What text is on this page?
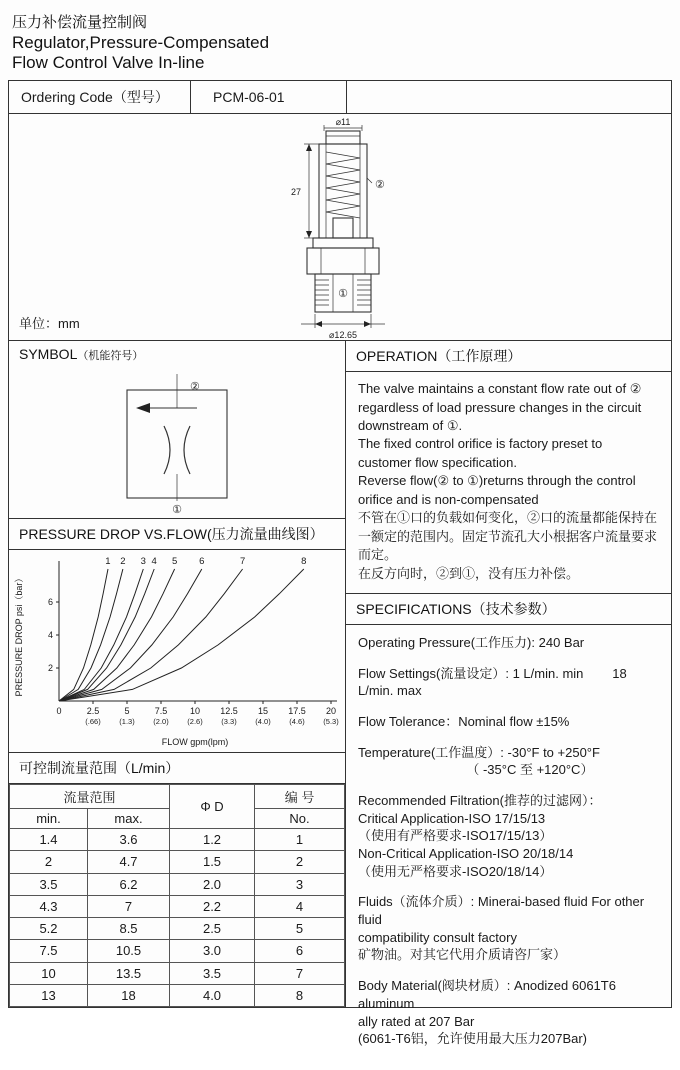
压力补偿流量控制阀
Regulator,Pressure-Compensated
Flow Control Valve In-line
Ordering Code（型号）	PCM-06-01
⌀11
27
②
①
⌀12.65
单位：mm
SYMBOL（机能符号）
②
①
PRESSURE DROP VS.FLOW(压力流量曲线图）
0	2.5
(.66)
5
(1.3)
7.5
(2.0)
10
(2.6)
12.5
(3.3)
15
(4.0)
17.5
(4.6)
20
(5.3)
2
4
6
FLOW gpm(lpm)
PRESSURE DROP psi（bar）
1 2 3 4 5 6	7	8
可控制流量范围（L/min）
流量范围		Φ D	编 号
min.	max.		No.
1.4	3.6	1.2	1
2	4.7	1.5	2
3.5	6.2	2.0	3
4.3	7	2.2	4
5.2	8.5	2.5	5
7.5	10.5	3.0	6
10	13.5	3.5	7
13	18	4.0	8
OPERATION（工作原理）

The valve maintains a constant flow rate out of ② regardless of load pressure changes in the circuit downstream of ①.

The fixed control orifice is factory preset to customer flow specification.

Reverse flow(② to ①)returns through the control orifice and is non-compensated

不管在①口的负载如何变化，②口的流量都能保持在一额定的范围内。固定节流孔大小根据客户流量要求而定。

在反方向时，②到①，没有压力补偿。

SPECIFICATIONS（技术参数）
Operating Pressure(工作压力): 240 Bar
Flow Settings(流量设定）: 1 L/min. min        18 L/min. max
Flow Tolerance：Nominal flow ±15%
Temperature(工作温度）: -30°F to +250°F
（ -35°C 至 +120°C）
Recommended Filtration(推荐的过滤网）：
Critical Application-ISO 17/15/13
（使用有严格要求-ISO17/15/13）
Non-Critical Application-ISO 20/18/14
（使用无严格要求-ISO20/18/14）
Fluids（流体介质）: Minerai-based fluid For other fluid
compatibility consult factory
矿物油。对其它代用介质请咨厂家）
Body Material(阀块材质）: Anodized 6061T6 aluminum
ally rated at 207 Bar
(6061-T6铝，允许使用最大压力207Bar)
